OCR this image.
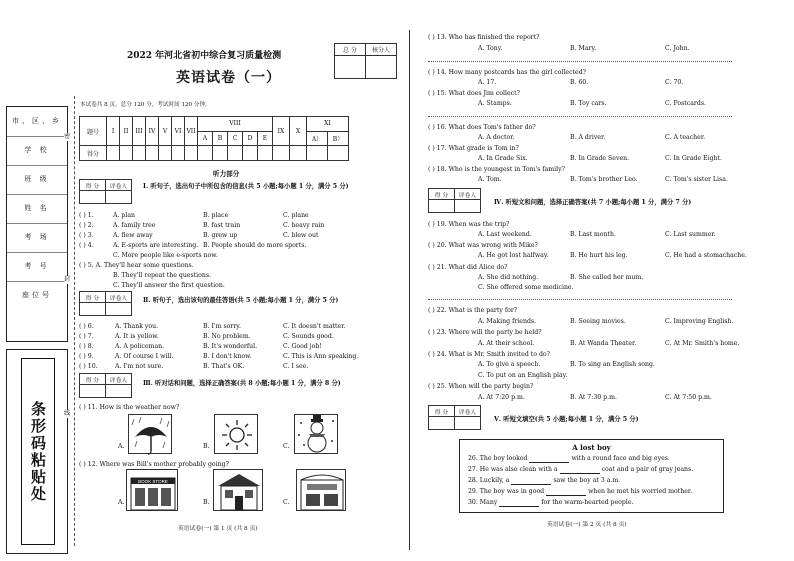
市、区、乡
学 校
班 级
姓 名
考 场
考 号
座位号
条形码粘贴处
密
封
线
2022 年河北省初中综合复习质量检测
英语试卷（一）
总 分	核分人

本试卷共 8 页。总分 120 分，考试时间 120 分钟。
题号	I	II	III	IV	V	VI	VII	VIII					IX	X	XI	
								A	B	C	D	E			A）	B）
得分																
听力部分
得 分	评卷人
		Ⅰ. 听句子，选出句子中所包含的信息(共 5 小题;每小题 1 分，满分 5 分)
( ) 1.	A. plan	B. place	C. plane
( ) 2.	A. family tree	B. fast train	C. heavy rain
( ) 3.	A. flew away	B. grew up	C. blew out
( ) 4.	A. E-sports are interesting. B. People should do more sports.
C. More people like e-sports now.
( ) 5. A. They'll hear some questions.
B. They'll repeat the questions.
C. They'll answer the first question.
得 分	评卷人
		Ⅱ. 听句子，选出该句的最佳答语(共 5 小题;每小题 1 分，满分 5 分)
( ) 6.	A. Thank you.	B. I'm sorry.	C. It doesn't matter.
( ) 7.	A. It is yellow.	B. No problem.	C. Sounds good.
( ) 8.	A. A policeman.	B. It's wonderful.	C. Good job!
( ) 9.	A. Of course I will.	B. I don't know.	C. This is Ann speaking.
( ) 10.	A. I'm not sure.	B. That's OK.	C. I see.
得 分	评卷人
		Ⅲ. 听对话和问题，选择正确答案(共 8 小题;每小题 1 分，满分 8 分)
( ) 11. How is the weather now?
A.	B.	C.
( ) 12. Where was Bill's mother probably going?
A.	B.	C.
BOOK STORE
英语试卷(一) 第 1 页 (共 8 页)
( ) 13. Who has finished the report?
A. Tony.	B. Mary.	C. John.
( ) 14. How many postcards has the girl collected?
A. 17.	B. 60.	C. 70.
( ) 15. What does Jim collect?
A. Stamps.	B. Toy cars.	C. Postcards.
( ) 16. What does Tom's father do?
A. A doctor.	B. A driver.	C. A teacher.
( ) 17. What grade is Tom in?
A. In Grade Six.	B. In Grade Seven.	C. In Grade Eight.
( ) 18. Who is the youngest in Tom's family?
A. Tom.	B. Tom's brother Leo.	C. Tom's sister Lisa.
得 分	评卷人

Ⅳ. 听短文和问题，选择正确答案(共 7 小题;每小题 1 分，满分 7 分)
( ) 19. When was the trip?
A. Last weekend.	B. Last month.	C. Last summer.
( ) 20. What was wrong with Mike?
A. He got lost halfway.	B. He hurt his leg.	C. He had a stomachache.
( ) 21. What did Alice do?
A. She did nothing.	B. She called her mum.
C. She offered some medicine.
( ) 22. What is the party for?
A. Making friends.	B. Seeing movies.	C. Improving English.
( ) 23. Where will the party be held?
A. At their school.	B. At Wanda Theater.	C. At Mr. Smith's home.
( ) 24. What is Mr. Smith invited to do?
A. To give a speech.	B. To sing an English song.
C. To put on an English play.
( ) 25. When will the party begin?
A. At 7:20 p.m.	B. At 7:30 p.m.	C. At 7:50 p.m.
得 分	评卷人

Ⅴ. 听短文填空(共 5 小题;每小题 1 分，满分 5 分)
A lost boy
26. The boy looked	with a round face and big eyes.
27. He was also clean with a	coat and a pair of gray jeans.
28. Luckily, a	saw the boy at 3 a.m.
29. The boy was in good	when he met his worried mother.
30. Many	for the warm-hearted people.
英语试卷(一) 第 2 页 (共 8 页)
